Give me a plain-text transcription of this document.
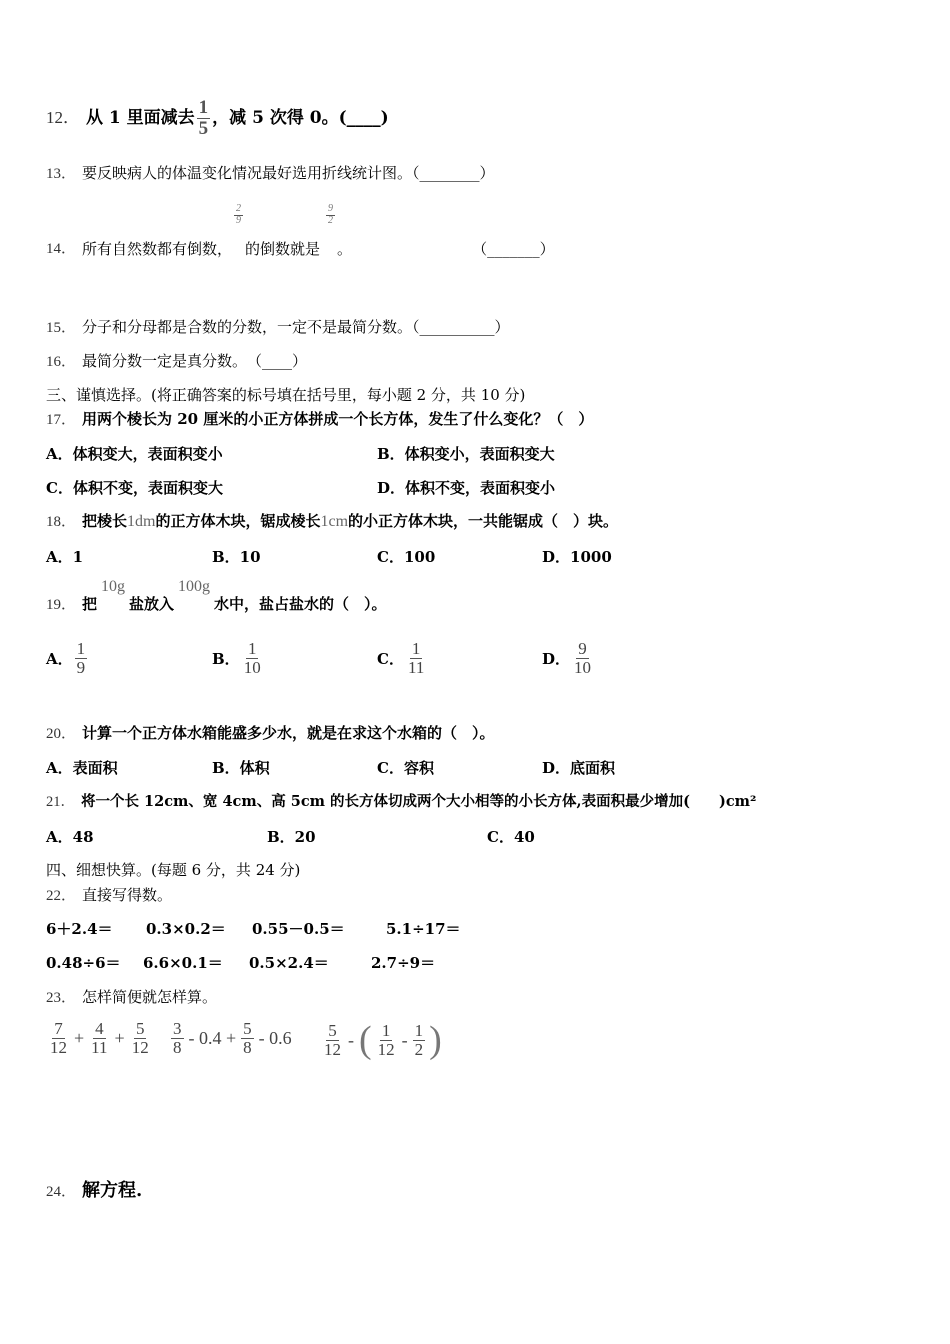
12． 从 1 里面减去 $\frac{1}{5}$ ，减 5 次得 0。(____)
13． 要反映病人的体温变化情况最好选用折线统计图。（________）
14． 所有自然数都有倒数，
$\frac{2}{9}$
的倒数就是
$\frac{9}{2}$
。	（_______）
15． 分子和分母都是合数的分数，一定不是最简分数。（__________）
16． 最简分数一定是真分数。　（____）
三、谨慎选择。(将正确答案的标号填在括号里，每小题 2 分，共 10 分)
17． 用两个棱长为 20 厘米的小正方体拼成一个长方体，发生了什么变化？（　）
A．体积变大，表面积变小	B．体积变小，表面积变大
C．体积不变，表面积变大	D．体积不变，表面积变小
18． 把棱长1dm的正方体木块，锯成棱长1cm的小正方体木块，一共能锯成（　）块。
A．1	B．10	C．100	D．1000
19． 把
10g
盐放入
100g
水中，盐占盐水的（　）。
A． $\frac{1}{9}$	B． $\frac{1}{10}$	C． $\frac{1}{11}$	D． $\frac{9}{10}$
20． 计算一个正方体水箱能盛多少水，就是在求这个水箱的（　）。
A．表面积	B．体积	C．容积	D．底面积
21． 将一个长 12cm、宽 4cm、高 5cm 的长方体切成两个大小相等的小长方体,表面积最少增加(　　)cm²
A．48	B．20	C．40
四、细想快算。(每题 6 分，共 24 分)
22． 直接写得数。
6＋2.4＝ 0.3×0.2＝ 0.55－0.5＝	5.1÷17＝
0.48÷6＝ 6.6×0.1＝ 0.5×2.4＝	2.7÷9＝
23． 怎样简便就怎样算。
$\frac{7}{12} + \frac{4}{11} + \frac{5}{12} \frac{3}{8} - 0.4 + \frac{5}{8} - 0.6 \frac{5}{12}$ - ( $\frac{1}{12} - \frac{1}{2}$ )
24． 解方程.
